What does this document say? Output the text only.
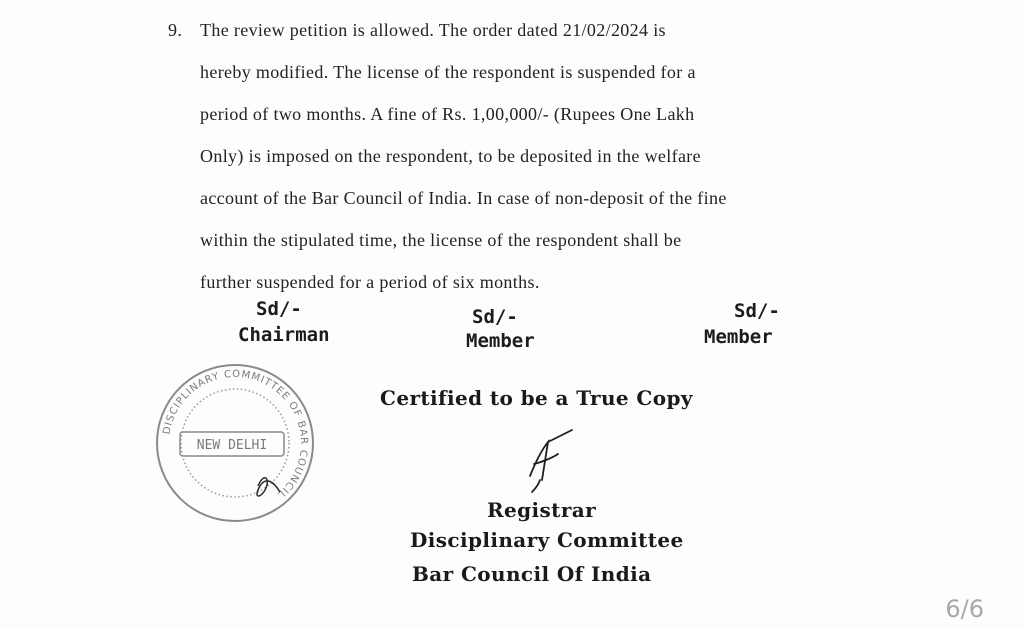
9. The review petition is allowed. The order dated 21/02/2024 is
hereby modified. The license of the respondent is suspended for a
period of two months. A fine of Rs. 1,00,000/- (Rupees One Lakh
Only) is imposed on the respondent, to be deposited in the welfare
account of the Bar Council of India. In case of non-deposit of the fine
within the stipulated time, the license of the respondent shall be
further suspended for a period of six months.
Sd/-
Chairman
Sd/-
Member
Sd/-
Member
DISCIPLINARY COMMITTEE OF BAR COUNCIL
NEW DELHI
Certified to be a True Copy
Registrar
Disciplinary Committee
Bar Council Of India
6/6
